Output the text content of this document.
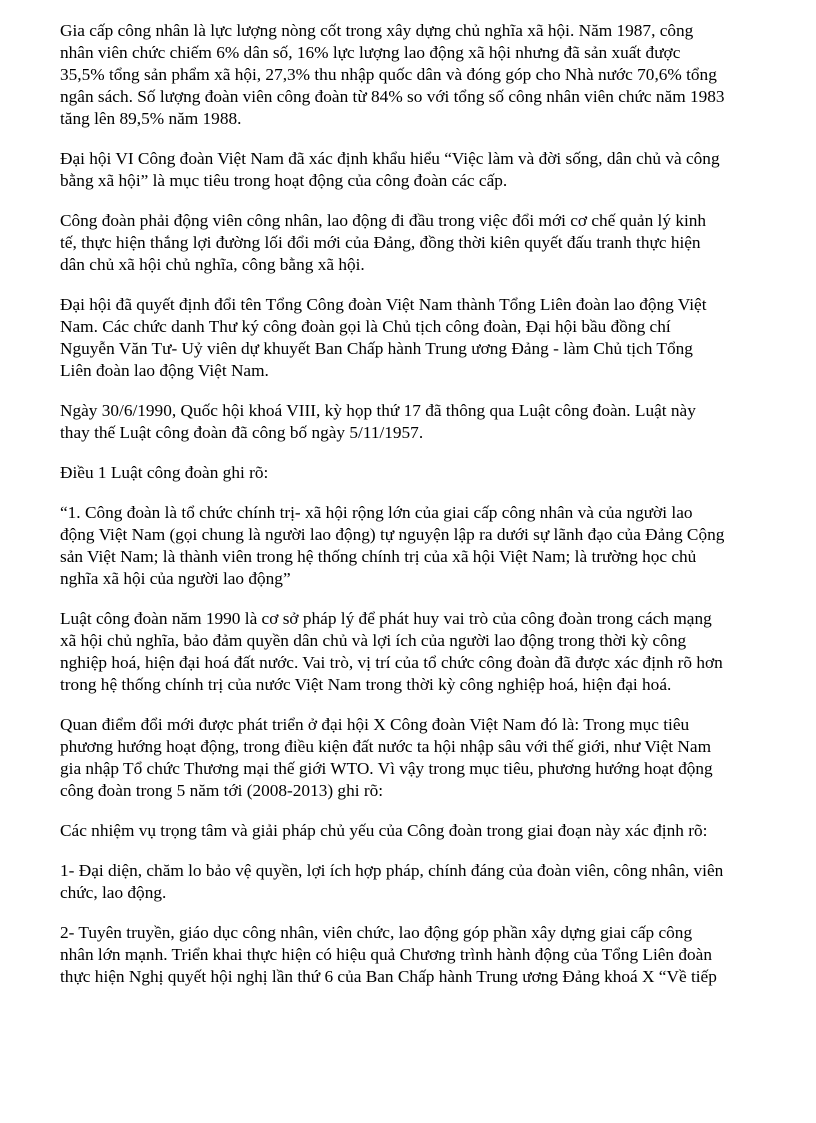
Gia cấp công nhân là lực lượng nòng cốt trong xây dựng chủ nghĩa xã hội. Năm 1987, công

nhân viên chức chiếm 6% dân số, 16% lực lượng lao động xã hội nhưng đã sản xuất được

35,5% tổng sản phẩm xã hội, 27,3% thu nhập quốc dân và đóng góp cho Nhà nước 70,6% tổng

ngân sách. Số lượng đoàn viên công đoàn từ 84% so với tổng số công nhân viên chức năm 1983

tăng lên 89,5% năm 1988.

Đại hội VI Công đoàn Việt Nam đã xác định khẩu hiểu “Việc làm và đời sống, dân chủ và công

bằng xã hội” là mục tiêu trong hoạt động của công đoàn các cấp.

Công đoàn phải động viên công nhân, lao động đi đầu trong việc đổi mới cơ chế quản lý kinh

tế, thực hiện thắng lợi đường lối đổi mới của Đảng, đồng thời kiên quyết đấu tranh thực hiện

dân chủ xã hội chủ nghĩa, công bằng xã hội.

Đại hội đã quyết định đổi tên Tổng Công đoàn Việt Nam thành Tổng Liên đoàn lao động Việt

Nam. Các chức danh Thư ký công đoàn gọi là Chủ tịch công đoàn, Đại hội bầu đồng chí

Nguyễn Văn Tư- Uỷ viên dự khuyết Ban Chấp hành Trung ương Đảng - làm Chủ tịch Tổng

Liên đoàn lao động Việt Nam.

Ngày 30/6/1990, Quốc hội khoá VIII, kỳ họp thứ 17 đã thông qua Luật công đoàn. Luật này

thay thế Luật công đoàn đã công bố ngày 5/11/1957.

Điều 1 Luật công đoàn ghi rõ:

“1. Công đoàn là tổ chức chính trị- xã hội rộng lớn của giai cấp công nhân và của người lao

động Việt Nam (gọi chung là người lao động) tự nguyện lập ra dưới sự lãnh đạo của Đảng Cộng

sản Việt Nam; là thành viên trong hệ thống chính trị của xã hội Việt Nam; là trường học chủ

nghĩa xã hội của người lao động”

Luật công đoàn năm 1990 là cơ sở pháp lý để phát huy vai trò của công đoàn trong cách mạng

xã hội chủ nghĩa, bảo đảm quyền dân chủ và lợi ích của người lao động trong thời kỳ công

nghiệp hoá, hiện đại hoá đất nước. Vai trò, vị trí của tổ chức công đoàn đã được xác định rõ hơn

trong hệ thống chính trị của nước Việt Nam trong thời kỳ công nghiệp hoá, hiện đại hoá.

Quan điểm đổi mới được phát triển ở đại hội X Công đoàn Việt Nam đó là: Trong mục tiêu

phương hướng hoạt động, trong điều kiện đất nước ta hội nhập sâu với thế giới, như Việt Nam

gia nhập Tổ chức Thương mại thế giới WTO. Vì vậy trong mục tiêu, phương hướng hoạt động

công đoàn trong 5 năm tới (2008-2013) ghi rõ:

Các nhiệm vụ trọng tâm và giải pháp chủ yếu của Công đoàn trong giai đoạn này xác định rõ:

1- Đại diện, chăm lo bảo vệ quyền, lợi ích hợp pháp, chính đáng của đoàn viên, công nhân, viên

chức, lao động.

2- Tuyên truyền, giáo dục công nhân, viên chức, lao động góp phần xây dựng giai cấp công

nhân lớn mạnh. Triển khai thực hiện có hiệu quả Chương trình hành động của Tổng Liên đoàn

thực hiện Nghị quyết hội nghị lần thứ 6 của Ban Chấp hành Trung ương Đảng khoá X “Về tiếp
